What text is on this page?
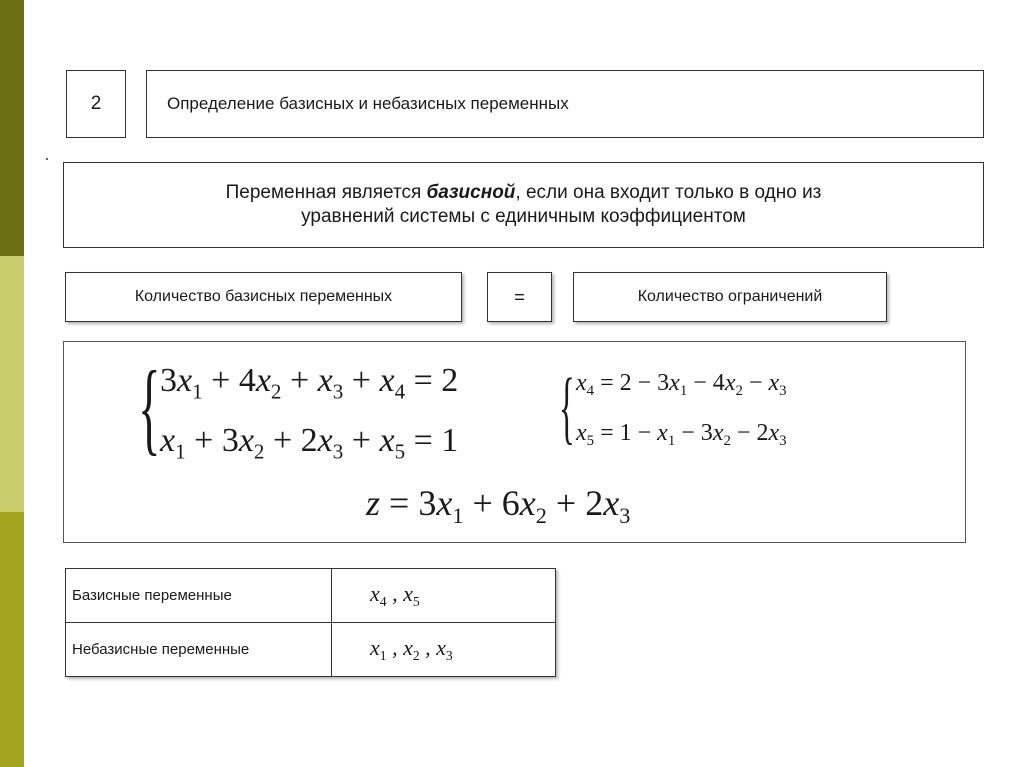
2	Определение базисных и небазисных переменных
Переменная является базисной, если она входит только в одно из
уравнений системы с единичным коэффициентом
Количество базисных переменных	=	Количество ограничений
{ $3x_1 + 4x_2 + x_3 + x_4 = 2$
$x_1 + 3x_2 + 2x_3 + x_5 = 1$ { $x_4 = 2 - 3x_1 - 4x_2 - x_3$
$x_5 = 1 - x_1 - 3x_2 - 2x_3$
$z = 3x_1 + 6x_2 + 2x_3$
Базисные переменные	$x_4$ , $x_5$
Небазисные переменные	$x_1$ , $x_2$ , $x_3$
